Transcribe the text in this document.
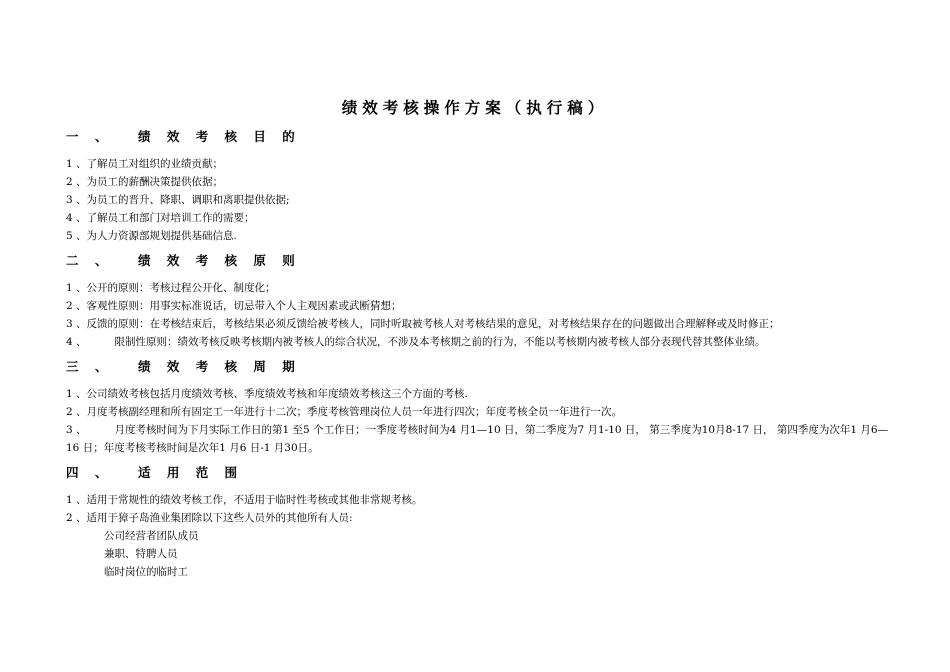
绩效考核操作方案（执行稿）
一 、 绩 效 考 核 目 的
1 、了解员工对组织的业绩贡献；
2 、为员工的薪酬决策提供依据；
3 、为员工的晋升、降职、调职和离职提供依据;
4 、了解员工和部门对培训工作的需要；
5 、为人力资源部规划提供基础信息.
二 、 绩 效 考 核 原 则
1 、公开的原则：考核过程公开化、制度化；
2 、客观性原则：用事实标准说话，切忌带入个人主观因素或武断猜想；
3 、反馈的原则：在考核结束后，考核结果必须反馈给被考核人，同时听取被考核人对考核结果的意见，对考核结果存在的问题做出合理解释或及时修正；
4 、	限制性原则：绩效考核反映考核期内被考核人的综合状况，不涉及本考核期之前的行为，不能以考核期内被考核人部分表现代替其整体业绩。
三 、 绩 效 考 核 周 期
1 、公司绩效考核包括月度绩效考核、季度绩效考核和年度绩效考核这三个方面的考核.
2 、月度考核副经理和所有固定工一年进行十二次；季度考核管理岗位人员一年进行四次；年度考核全员一年进行一次。
3 、	月度考核时间为下月实际工作日的第1 至5 个工作日；一季度考核时间为4 月1—10 日，第二季度为7 月1-10 日， 第三季度为10月8-17 日， 第四季度为次年1 月6—16 日；年度考核考核时间是次年1 月6 日-1 月30日。
四 、 适 用 范 围
1 、适用于常规性的绩效考核工作，不适用于临时性考核或其他非常规考核。
2 、适用于獐子岛渔业集团除以下这些人员外的其他所有人员:
公司经营者团队成员
兼职、特聘人员
临时岗位的临时工
